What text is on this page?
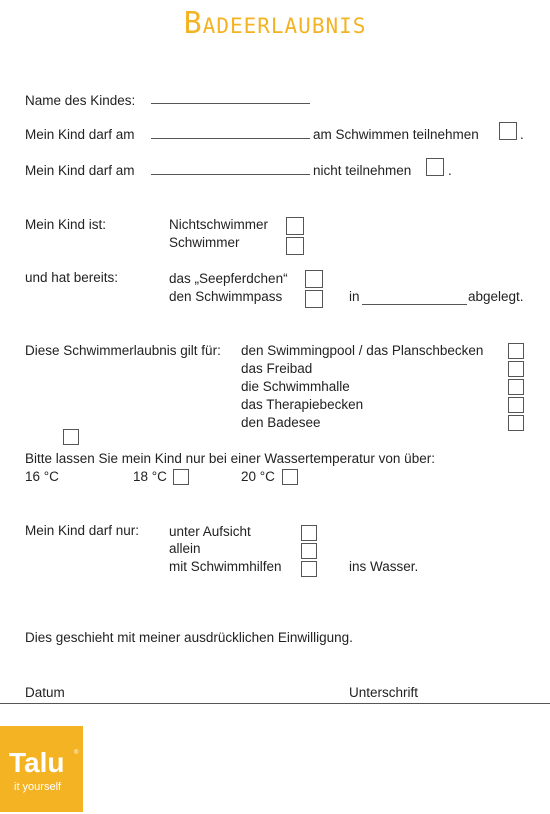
Badeerlaubnis
Name des Kindes:
Mein Kind darf am	am Schwimmen teilnehmen	.
Mein Kind darf am	nicht teilnehmen	.
Mein Kind ist:	Nichtschwimmer
Schwimmer
und hat bereits:	das „Seepferdchen“
den Schwimmpass	in	abgelegt.
Diese Schwimmerlaubnis gilt für: den Swimmingpool / das Planschbecken
das Freibad
die Schwimmhalle
das Therapiebecken
den Badesee
Bitte lassen Sie mein Kind nur bei einer Wassertemperatur von über:
16 °C	18 °C	20 °C
Mein Kind darf nur: unter Aufsicht
allein
mit Schwimmhilfen	ins Wasser.
Dies geschieht mit meiner ausdrücklichen Einwilligung.
Datum	Unterschrift
Talu ®
it yourself
